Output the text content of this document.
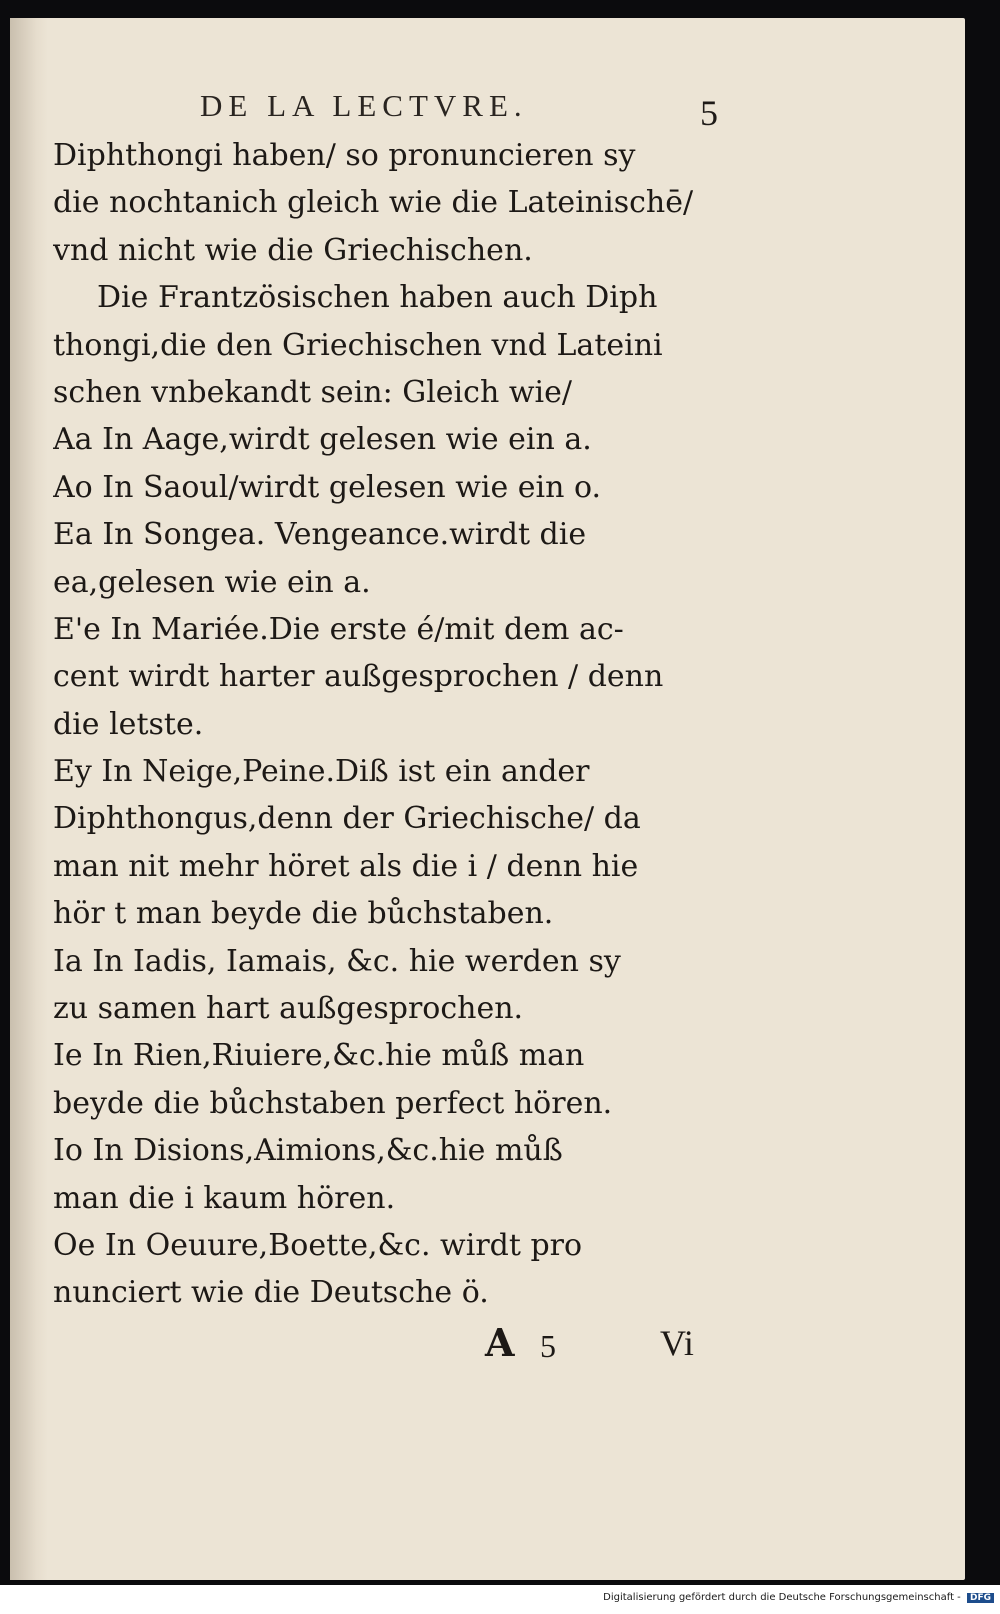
DE LA LECTVRE.	5
Diphthongi haben/ so pronuncieren sy
die nochtanich gleich wie die Lateinischē/
vnd nicht wie die Griechischen.
Die Frantzösischen haben auch Diph
thongi,die den Griechischen vnd Lateini
schen vnbekandt sein: Gleich wie/
Aa In Aage,wirdt gelesen wie ein a.
Ao In Saoul/wirdt gelesen wie ein o.
Ea In Songea. Vengeance.wirdt die
ea,gelesen wie ein a.
E'e In Mariée.Die erste é/mit dem ac-
cent wirdt harter außgesprochen / denn
die letste.
Ey In Neige,Peine.Diß ist ein ander
Diphthongus,denn der Griechische/ da
man nit mehr höret als die i / denn hie
hör t man beyde die bůchstaben.
Ia In Iadis, Iamais, &c. hie werden sy
zu samen hart außgesprochen.
Ie In Rien,Riuiere,&c.hie můß man
beyde die bůchstaben perfect hören.
Io In Disions,Aimions,&c.hie můß
man die i kaum hören.
Oe In Oeuure,Boette,&c. wirdt pro
nunciert wie die Deutsche ö.
A 5	Vi
Digitalisierung gefördert durch die Deutsche Forschungsgemeinschaft - DFG
